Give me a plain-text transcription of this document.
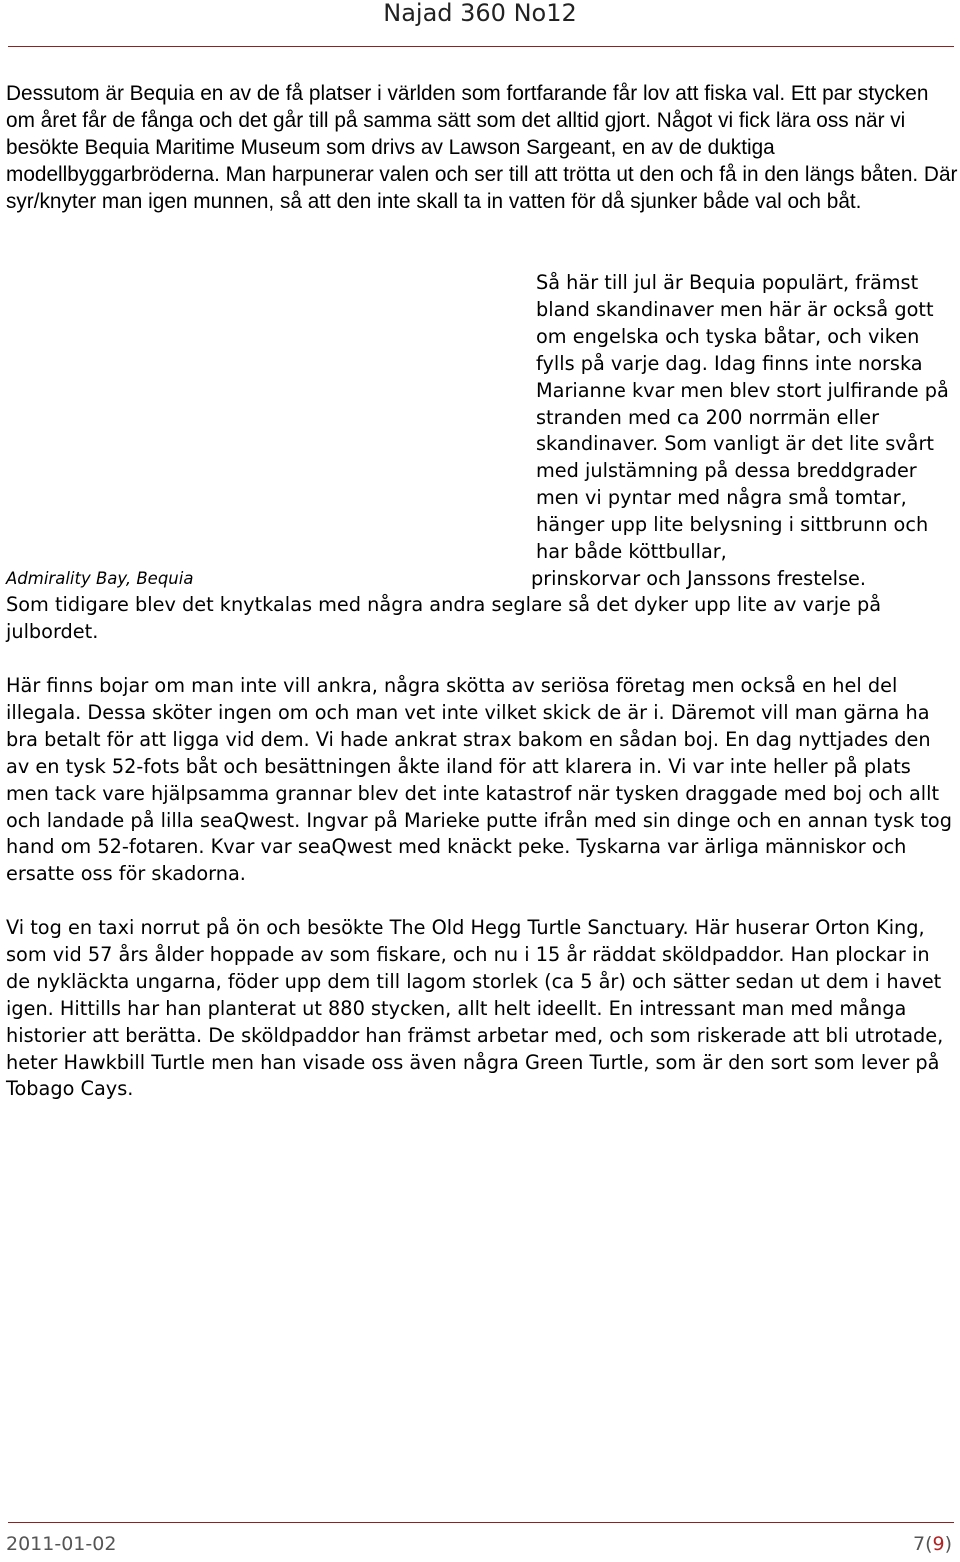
Najad 360 No12

Dessutom är Bequia en av de få platser i världen som fortfarande får lov att fiska val. Ett par stycken om året får de fånga och det går till på samma sätt som det alltid gjort. Något vi fick lära oss när vi besökte Bequia Maritime Museum som drivs av Lawson Sargeant, en av de duktiga modellbyggarbröderna. Man harpunerar valen och ser till att trötta ut den och få in den längs båten. Där syr/knyter man igen munnen, så att den inte skall ta in vatten för då sjunker både val och båt.

Så här till jul är Bequia populärt, främst bland skandinaver men här är också gott om engelska och tyska båtar, och viken fylls på varje dag. Idag finns inte norska Marianne kvar men blev stort julfirande på stranden med ca 200 norrmän eller skandinaver. Som vanligt är det lite svårt med julstämning på dessa breddgrader men vi pyntar med några små tomtar, hänger upp lite belysning i sittbrunn och har både köttbullar,

Admirality Bay, Bequia	prinskorvar och Janssons frestelse.

Som tidigare blev det knytkalas med några andra seglare så det dyker upp lite av varje på julbordet.

Här finns bojar om man inte vill ankra, några skötta av seriösa företag men också en hel del illegala. Dessa sköter ingen om och man vet inte vilket skick de är i. Däremot vill man gärna ha bra betalt för att ligga vid dem. Vi hade ankrat strax bakom en sådan boj. En dag nyttjades den av en tysk 52-fots båt och besättningen åkte iland för att klarera in. Vi var inte heller på plats men tack vare hjälpsamma grannar blev det inte katastrof när tysken draggade med boj och allt och landade på lilla seaQwest. Ingvar på Marieke putte ifrån med sin dinge och en annan tysk tog hand om 52-fotaren. Kvar var seaQwest med knäckt peke. Tyskarna var ärliga människor och ersatte oss för skadorna.

Vi tog en taxi norrut på ön och besökte The Old Hegg Turtle Sanctuary. Här huserar Orton King, som vid 57 års ålder hoppade av som fiskare, och nu i 15 år räddat sköldpaddor. Han plockar in de nykläckta ungarna, föder upp dem till lagom storlek (ca 5 år) och sätter sedan ut dem i havet igen. Hittills har han planterat ut 880 stycken, allt helt ideellt. En intressant man med många historier att berätta. De sköldpaddor han främst arbetar med, och som riskerade att bli utrotade, heter Hawkbill Turtle men han visade oss även några Green Turtle, som är den sort som lever på Tobago Cays.

2011-01-02	7(9)
